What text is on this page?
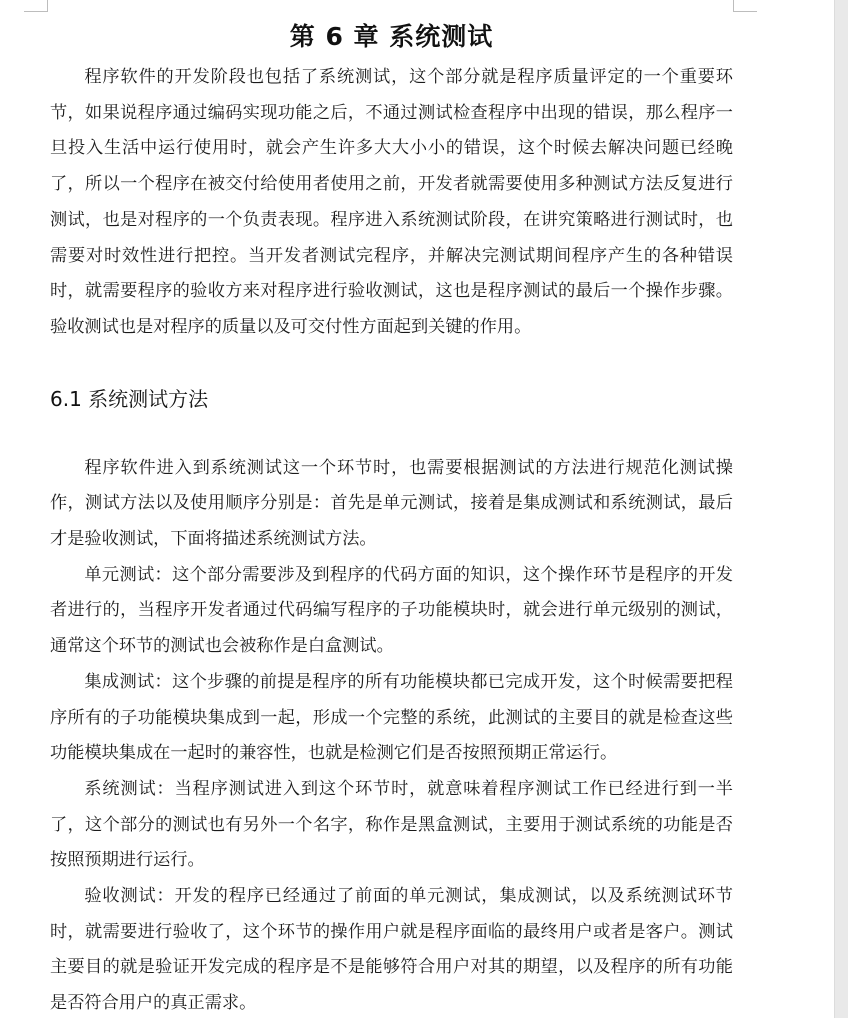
第 6 章 系统测试

程序软件的开发阶段也包括了系统测试，这个部分就是程序质量评定的一个重要环节，如果说程序通过编码实现功能之后，不通过测试检查程序中出现的错误，那么程序一旦投入生活中运行使用时，就会产生许多大大小小的错误，这个时候去解决问题已经晚了，所以一个程序在被交付给使用者使用之前，开发者就需要使用多种测试方法反复进行测试，也是对程序的一个负责表现。程序进入系统测试阶段，在讲究策略进行测试时，也需要对时效性进行把控。当开发者测试完程序，并解决完测试期间程序产生的各种错误时，就需要程序的验收方来对程序进行验收测试，这也是程序测试的最后一个操作步骤。验收测试也是对程序的质量以及可交付性方面起到关键的作用。

6.1 系统测试方法

程序软件进入到系统测试这一个环节时，也需要根据测试的方法进行规范化测试操作，测试方法以及使用顺序分别是：首先是单元测试，接着是集成测试和系统测试，最后才是验收测试，下面将描述系统测试方法。

单元测试：这个部分需要涉及到程序的代码方面的知识，这个操作环节是程序的开发者进行的，当程序开发者通过代码编写程序的子功能模块时，就会进行单元级别的测试，通常这个环节的测试也会被称作是白盒测试。

集成测试：这个步骤的前提是程序的所有功能模块都已完成开发，这个时候需要把程序所有的子功能模块集成到一起，形成一个完整的系统，此测试的主要目的就是检查这些功能模块集成在一起时的兼容性，也就是检测它们是否按照预期正常运行。

系统测试：当程序测试进入到这个环节时，就意味着程序测试工作已经进行到一半了，这个部分的测试也有另外一个名字，称作是黑盒测试，主要用于测试系统的功能是否按照预期进行运行。

验收测试：开发的程序已经通过了前面的单元测试，集成测试，以及系统测试环节时，就需要进行验收了，这个环节的操作用户就是程序面临的最终用户或者是客户。测试主要目的就是验证开发完成的程序是不是能够符合用户对其的期望，以及程序的所有功能是否符合用户的真正需求。
